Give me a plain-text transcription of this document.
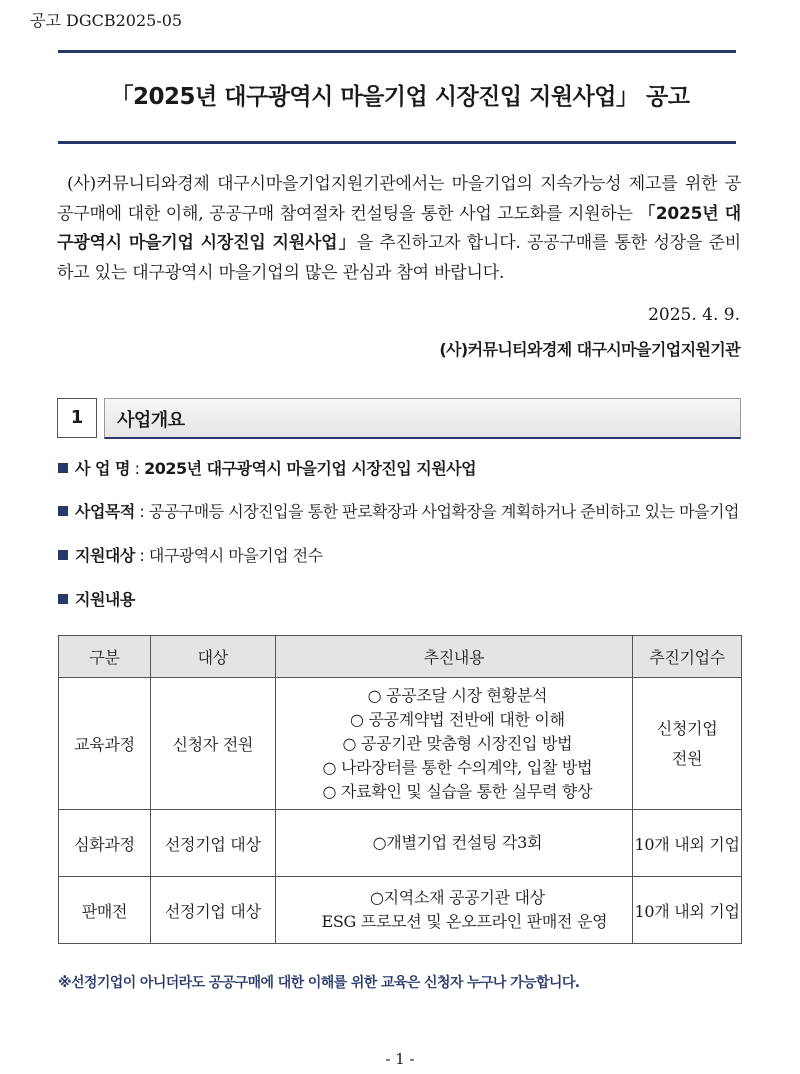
공고 DGCB2025-05
「2025년 대구광역시 마을기업 시장진입 지원사업」 공고
(사)커뮤니티와경제 대구시마을기업지원기관에서는 마을기업의 지속가능성 제고를 위한 공공구매에 대한 이해, 공공구매 참여절차 컨설팅을 통한 사업 고도화를 지원하는 「2025년 대구광역시 마을기업 시장진입 지원사업」을 추진하고자 합니다. 공공구매를 통한 성장을 준비하고 있는 대구광역시 마을기업의 많은 관심과 참여 바랍니다.
2025. 4. 9.
(사)커뮤니티와경제 대구시마을기업지원기관
1	사업개요
사 업 명 : 2025년 대구광역시 마을기업 시장진입 지원사업
사업목적 : 공공구매등 시장진입을 통한 판로확장과 사업확장을 계획하거나 준비하고 있는 마을기업
지원대상 : 대구광역시 마을기업 전수
지원내용
구분	대상	추진내용	추진기업수
교육과정	신청자 전원	○ 공공조달 시장 현황분석
○ 공공계약법 전반에 대한 이해
○ 공공기관 맞춤형 시장진입 방법
○ 나라장터를 통한 수의계약, 입찰 방법
○ 자료확인 및 실습을 통한 실무력 향상	신청기업
전원

심화과정	선정기업 대상	○개별기업 컨설팅 각3회	10개 내외 기업
판매전	선정기업 대상	○지역소재 공공기관 대상
ESG 프로모션 및 온오프라인 판매전 운영	10개 내외 기업
※선정기업이 아니더라도 공공구매에 대한 이해를 위한 교육은 신청자 누구나 가능합니다.
- 1 -
